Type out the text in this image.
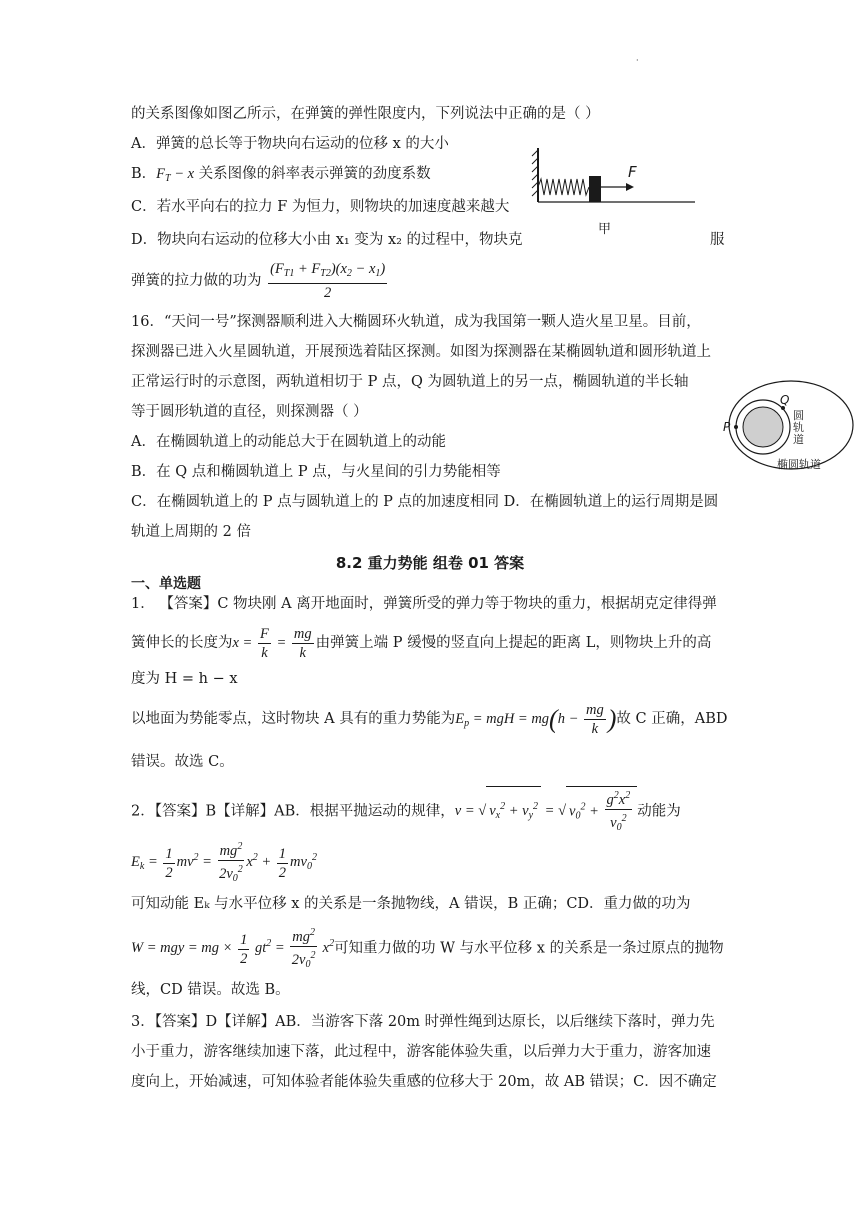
·
的关系图像如图乙所示，在弹簧的弹性限度内，下列说法中正确的是（ ）
A．弹簧的总长等于物块向右运动的位移 x 的大小
B．$F_T - x$ 关系图像的斜率表示弹簧的劲度系数
C．若水平向右的拉力 F 为恒力，则物块的加速度越来越大
D．物块向右运动的位移大小由 x₁ 变为 x₂ 的过程中，物块克	服
弹簧的拉力做的功为 $\frac{(F_{T1} + F_{T2})(x_2 - x_1)}{2}$
F
甲
16．“天问一号”探测器顺利进入大椭圆环火轨道，成为我国第一颗人造火星卫星。目前，
探测器已进入火星圆轨道，开展预选着陆区探测。如图为探测器在某椭圆轨道和圆形轨道上
正常运行时的示意图，两轨道相切于 P 点，Q 为圆轨道上的另一点，椭圆轨道的半长轴
等于圆形轨道的直径，则探测器（ ）
A．在椭圆轨道上的动能总大于在圆轨道上的动能
B．在 Q 点和椭圆轨道上 P 点，与火星间的引力势能相等
C．在椭圆轨道上的 P 点与圆轨道上的 P 点的加速度相同 D．在椭圆轨道上的运行周期是圆
轨道上周期的 2 倍
P
Q
圆
轨
道
椭圆轨道
8.2 重力势能 组卷 01 答案
一、单选题
1． 【答案】C 物块刚 A 离开地面时，弹簧所受的弹力等于物块的重力，根据胡克定律得弹
簧伸长的长度为$x = \frac{F}{k} = \frac{mg}{k}$ 由弹簧上端 P 缓慢的竖直向上提起的距离 L，则物块上升的高
度为 H = h − x
以地面为势能零点，这时物块 A 具有的重力势能为$E_p$ = mgH = $mg(h - \frac{mg}{k}$ )故 C 正确，ABD
错误。故选 C。
2．【答案】B【详解】AB．根据平抛运动的规律，v = √ $v_x^2 + v_y^2$ = √ $v_0^2 + \frac{g^2x^2}{v_0^2}$ 动能为
$E_k = \frac{1}{2} mv^2 = \frac{mg^2}{2v_0^2} x^2 + \frac{1}{2} mv_0^2$
可知动能 Eₖ 与水平位移 x 的关系是一条抛物线，A 错误，B 正确；CD．重力做的功为
W = mgy = mg × $\frac{1}{2} gt^2 = \frac{mg^2}{2v_0^2} x^2$可知重力做的功 W 与水平位移 x 的关系是一条过原点的抛物
线，CD 错误。故选 B。
3．【答案】D【详解】AB．当游客下落 20m 时弹性绳到达原长，以后继续下落时，弹力先
小于重力，游客继续加速下落，此过程中，游客能体验失重，以后弹力大于重力，游客加速
度向上，开始减速，可知体验者能体验失重感的位移大于 20m，故 AB 错误；C．因不确定
